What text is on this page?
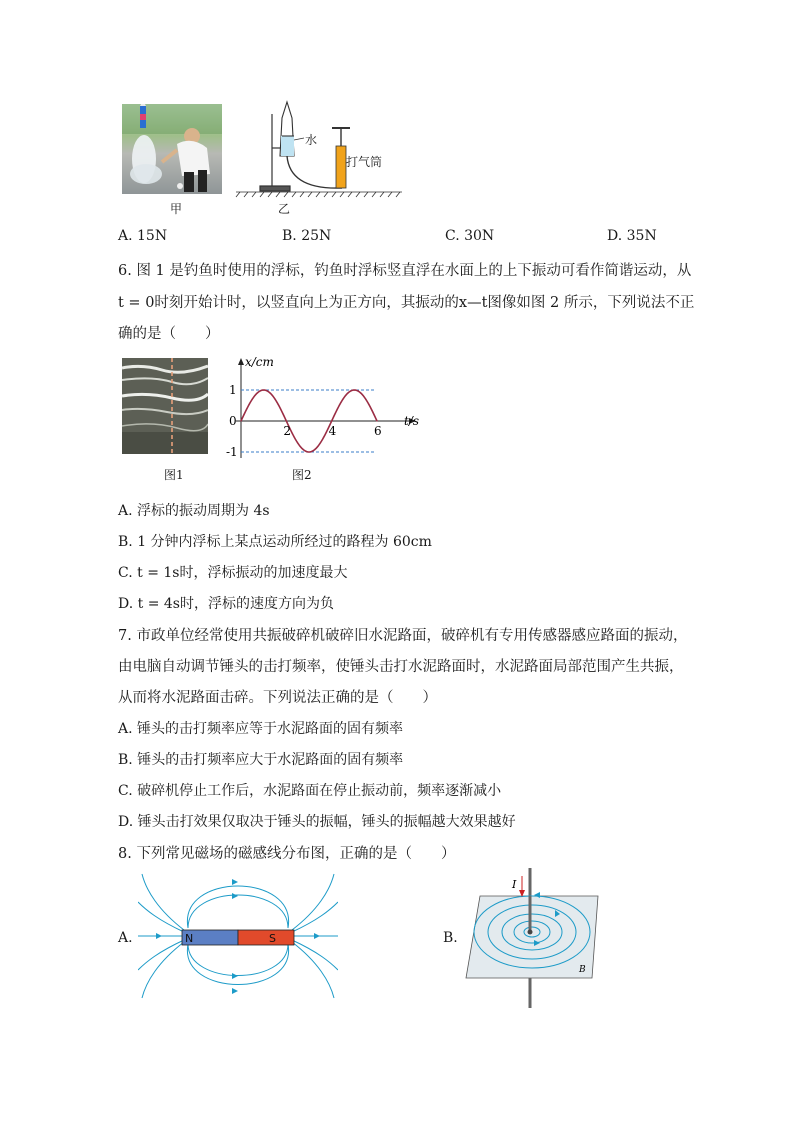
甲
水
打气筒
乙
A. 15N	B. 25N	C. 30N	D. 35N
6. 图 1 是钓鱼时使用的浮标，钓鱼时浮标竖直浮在水面上的上下振动可看作简谐运动，从
t = 0时刻开始计时，以竖直向上为正方向，其振动的x—t图像如图 2 所示，下列说法不正
确的是（　　）
图1
2	4	6
1
0
-1
x/cm
t/s
图2
A. 浮标的振动周期为 4s
B. 1 分钟内浮标上某点运动所经过的路程为 60cm
C. t = 1s时，浮标振动的加速度最大
D. t = 4s时，浮标的速度方向为负
7. 市政单位经常使用共振破碎机破碎旧水泥路面，破碎机有专用传感器感应路面的振动，
由电脑自动调节锤头的击打频率，使锤头击打水泥路面时，水泥路面局部范围产生共振，
从而将水泥路面击碎。下列说法正确的是（　　）
A. 锤头的击打频率应等于水泥路面的固有频率
B. 锤头的击打频率应大于水泥路面的固有频率
C. 破碎机停止工作后，水泥路面在停止振动前，频率逐渐减小
D. 锤头击打效果仅取决于锤头的振幅，锤头的振幅越大效果越好
8. 下列常见磁场的磁感线分布图，正确的是（　　）
A.	N	S	B.
I
B
